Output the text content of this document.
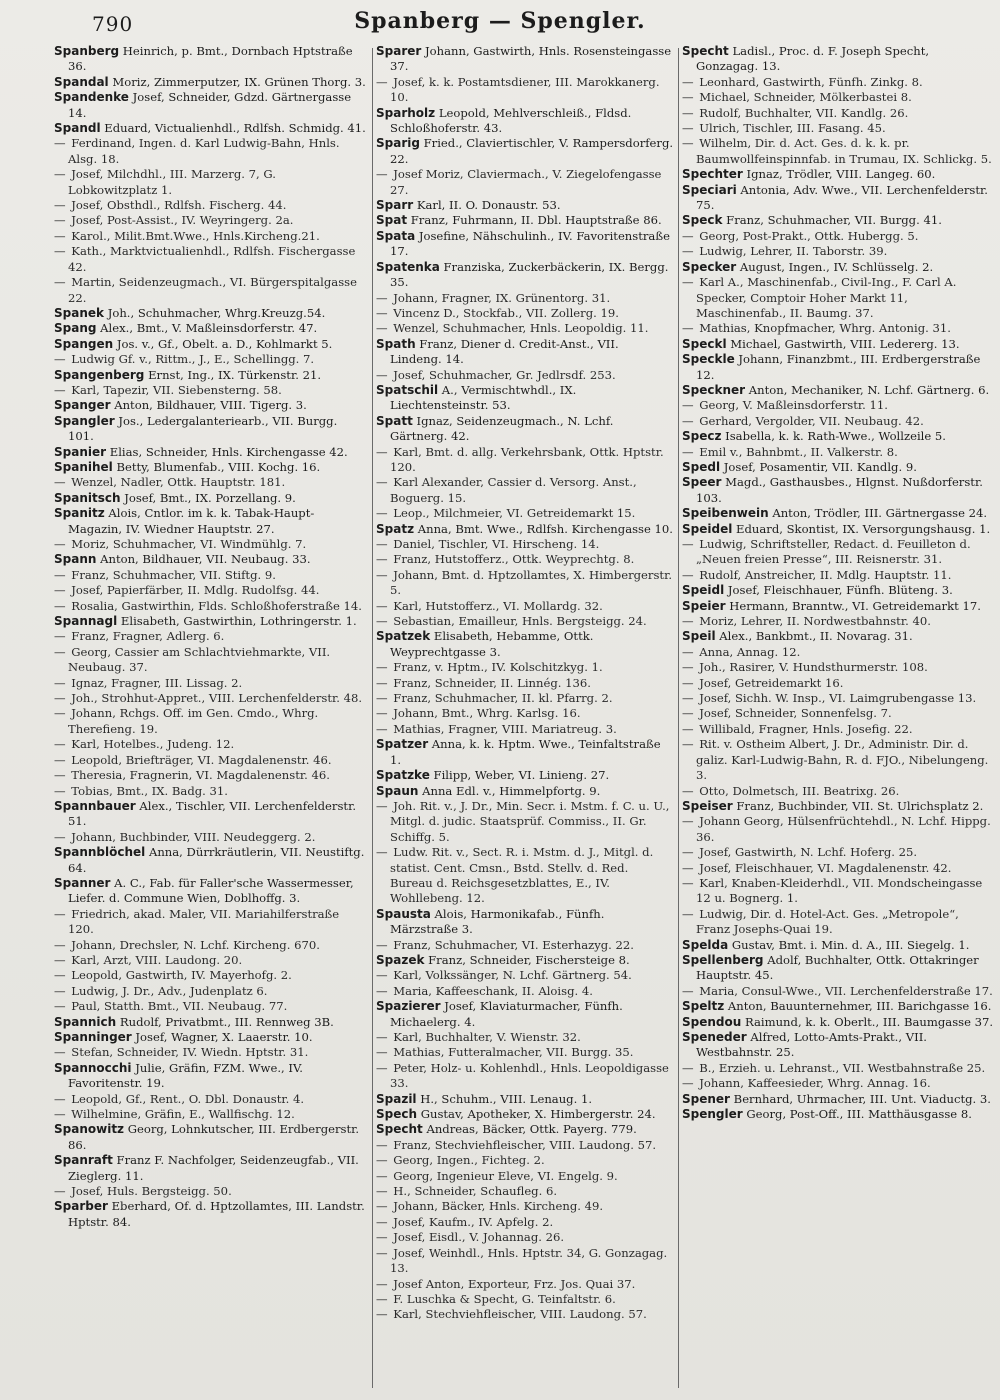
790	Spanberg — Spengler.

Spanberg Heinrich, p. Bmt., Dornbach Hptstraße 36.

Spandal Moriz, Zimmerputzer, IX. Grünen Thorg. 3.

Spandenke Josef, Schneider, Gdzd. Gärtnergasse 14.

Spandl Eduard, Victualienhdl., Rdlfsh. Schmidg. 41.

— Ferdinand, Ingen. d. Karl Ludwig-Bahn, Hnls. Alsg. 18.

— Josef, Milchdhl., III. Marzerg. 7, G. Lobkowitzplatz 1.

— Josef, Obsthdl., Rdlfsh. Fischerg. 44.

— Josef, Post-Assist., IV. Weyringerg. 2a.

— Karol., Milit.Bmt.Wwe., Hnls.Kircheng.21.

— Kath., Marktvictualienhdl., Rdlfsh. Fischergasse 42.

— Martin, Seidenzeugmach., VI. Bürgerspitalgasse 22.

Spanek Joh., Schuhmacher, Whrg.Kreuzg.54.

Spang Alex., Bmt., V. Maßleinsdorferstr. 47.

Spangen Jos. v., Gf., Obelt. a. D., Kohlmarkt 5.

— Ludwig Gf. v., Rittm., J., E., Schellingg. 7.

Spangenberg Ernst, Ing., IX. Türkenstr. 21.

— Karl, Tapezir, VII. Siebensterng. 58.

Spanger Anton, Bildhauer, VIII. Tigerg. 3.

Spangler Jos., Ledergalanteriearb., VII. Burgg. 101.

Spanier Elias, Schneider, Hnls. Kirchengasse 42.

Spanihel Betty, Blumenfab., VIII. Kochg. 16.

— Wenzel, Nadler, Ottk. Hauptstr. 181.

Spanitsch Josef, Bmt., IX. Porzellang. 9.

Spanitz Alois, Cntlor. im k. k. Tabak-Haupt-Magazin, IV. Wiedner Hauptstr. 27.

— Moriz, Schuhmacher, VI. Windmühlg. 7.

Spann Anton, Bildhauer, VII. Neubaug. 33.

— Franz, Schuhmacher, VII. Stiftg. 9.

— Josef, Papierfärber, II. Mdlg. Rudolfsg. 44.

— Rosalia, Gastwirthin, Flds. Schloßhoferstraße 14.

Spannagl Elisabeth, Gastwirthin, Lothringerstr. 1.

— Franz, Fragner, Adlerg. 6.

— Georg, Cassier am Schlachtviehmarkte, VII. Neubaug. 37.

— Ignaz, Fragner, III. Lissag. 2.

— Joh., Strohhut-Appret., VIII. Lerchenfelderstr. 48.

— Johann, Rchgs. Off. im Gen. Cmdo., Whrg. Therefieng. 19.

— Karl, Hotelbes., Judeng. 12.

— Leopold, Briefträger, VI. Magdalenenstr. 46.

— Theresia, Fragnerin, VI. Magdalenenstr. 46.

— Tobias, Bmt., IX. Badg. 31.

Spannbauer Alex., Tischler, VII. Lerchenfelderstr. 51.

— Johann, Buchbinder, VIII. Neudeggerg. 2.

Spannblöchel Anna, Dürrkräutlerin, VII. Neustiftg. 64.

Spanner A. C., Fab. für Faller'sche Wassermesser, Liefer. d. Commune Wien, Doblhoffg. 3.

— Friedrich, akad. Maler, VII. Mariahilferstraße 120.

— Johann, Drechsler, N. Lchf. Kircheng. 670.

— Karl, Arzt, VIII. Laudong. 20.

— Leopold, Gastwirth, IV. Mayerhofg. 2.

— Ludwig, J. Dr., Adv., Judenplatz 6.

— Paul, Statth. Bmt., VII. Neubaug. 77.

Spannich Rudolf, Privatbmt., III. Rennweg 3B.

Spanninger Josef, Wagner, X. Laaerstr. 10.

— Stefan, Schneider, IV. Wiedn. Hptstr. 31.

Spannocchi Julie, Gräfin, FZM. Wwe., IV. Favoritenstr. 19.

— Leopold, Gf., Rent., O. Dbl. Donaustr. 4.

— Wilhelmine, Gräfin, E., Wallfischg. 12.

Spanowitz Georg, Lohnkutscher, III. Erdbergerstr. 86.

Spanraft Franz F. Nachfolger, Seidenzeugfab., VII. Zieglerg. 11.

— Josef, Huls. Bergsteigg. 50.

Sparber Eberhard, Of. d. Hptzollamtes, III. Landstr. Hptstr. 84.

Sparer Johann, Gastwirth, Hnls. Rosensteingasse 37.

— Josef, k. k. Postamtsdiener, III. Marokkanerg. 10.

Sparholz Leopold, Mehlverschleiß., Fldsd. Schloßhoferstr. 43.

Sparig Fried., Claviertischler, V. Rampersdorferg. 22.

— Josef Moriz, Claviermach., V. Ziegelofengasse 27.

Sparr Karl, II. O. Donaustr. 53.

Spat Franz, Fuhrmann, II. Dbl. Hauptstraße 86.

Spata Josefine, Nähschulinh., IV. Favoritenstraße 17.

Spatenka Franziska, Zuckerbäckerin, IX. Bergg. 35.

— Johann, Fragner, IX. Grünentorg. 31.

— Vincenz D., Stockfab., VII. Zollerg. 19.

— Wenzel, Schuhmacher, Hnls. Leopoldig. 11.

Spath Franz, Diener d. Credit-Anst., VII. Lindeng. 14.

— Josef, Schuhmacher, Gr. Jedlrsdf. 253.

Spatschil A., Vermischtwhdl., IX. Liechtensteinstr. 53.

Spatt Ignaz, Seidenzeugmach., N. Lchf. Gärtnerg. 42.

— Karl, Bmt. d. allg. Verkehrsbank, Ottk. Hptstr. 120.

— Karl Alexander, Cassier d. Versorg. Anst., Boguerg. 15.

— Leop., Milchmeier, VI. Getreidemarkt 15.

Spatz Anna, Bmt. Wwe., Rdlfsh. Kirchengasse 10.

— Daniel, Tischler, VI. Hirscheng. 14.

— Franz, Hutstofferz., Ottk. Weyprechtg. 8.

— Johann, Bmt. d. Hptzollamtes, X. Himbergerstr. 5.

— Karl, Hutstofferz., VI. Mollardg. 32.

— Sebastian, Emailleur, Hnls. Bergsteigg. 24.

Spatzek Elisabeth, Hebamme, Ottk. Weyprechtgasse 3.

— Franz, v. Hptm., IV. Kolschitzkyg. 1.

— Franz, Schneider, II. Linnég. 136.

— Franz, Schuhmacher, II. kl. Pfarrg. 2.

— Johann, Bmt., Whrg. Karlsg. 16.

— Mathias, Fragner, VIII. Mariatreug. 3.

Spatzer Anna, k. k. Hptm. Wwe., Teinfaltstraße 1.

Spatzke Filipp, Weber, VI. Linieng. 27.

Spaun Anna Edl. v., Himmelpfortg. 9.

— Joh. Rit. v., J. Dr., Min. Secr. i. Mstm. f. C. u. U., Mitgl. d. judic. Staatsprüf. Commiss., II. Gr. Schiffg. 5.

— Ludw. Rit. v., Sect. R. i. Mstm. d. J., Mitgl. d. statist. Cent. Cmsn., Bstd. Stellv. d. Red. Bureau d. Reichsgesetzblattes, E., IV. Wohllebeng. 12.

Spausta Alois, Harmonikafab., Fünfh. Märzstraße 3.

— Franz, Schuhmacher, VI. Esterhazyg. 22.

Spazek Franz, Schneider, Fischersteige 8.

— Karl, Volkssänger, N. Lchf. Gärtnerg. 54.

— Maria, Kaffeeschank, II. Aloisg. 4.

Spazierer Josef, Klaviaturmacher, Fünfh. Michaelerg. 4.

— Karl, Buchhalter, V. Wienstr. 32.

— Mathias, Futteralmacher, VII. Burgg. 35.

— Peter, Holz- u. Kohlenhdl., Hnls. Leopoldigasse 33.

Spazil H., Schuhm., VIII. Lenaug. 1.

Spech Gustav, Apotheker, X. Himbergerstr. 24.

Specht Andreas, Bäcker, Ottk. Payerg. 779.

— Franz, Stechviehfleischer, VIII. Laudong. 57.

— Georg, Ingen., Fichteg. 2.

— Georg, Ingenieur Eleve, VI. Engelg. 9.

— H., Schneider, Schaufleg. 6.

— Johann, Bäcker, Hnls. Kircheng. 49.

— Josef, Kaufm., IV. Apfelg. 2.

— Josef, Eisdl., V. Johannag. 26.

— Josef, Weinhdl., Hnls. Hptstr. 34, G. Gonzagag. 13.

— Josef Anton, Exporteur, Frz. Jos. Quai 37.

— F. Luschka & Specht, G. Teinfaltstr. 6.

— Karl, Stechviehfleischer, VIII. Laudong. 57.

Specht Ladisl., Proc. d. F. Joseph Specht, Gonzagag. 13.

— Leonhard, Gastwirth, Fünfh. Zinkg. 8.

— Michael, Schneider, Mölkerbastei 8.

— Rudolf, Buchhalter, VII. Kandlg. 26.

— Ulrich, Tischler, III. Fasang. 45.

— Wilhelm, Dir. d. Act. Ges. d. k. k. pr. Baumwollfeinspinnfab. in Trumau, IX. Schlickg. 5.

Spechter Ignaz, Trödler, VIII. Langeg. 60.

Speciari Antonia, Adv. Wwe., VII. Lerchenfelderstr. 75.

Speck Franz, Schuhmacher, VII. Burgg. 41.

— Georg, Post-Prakt., Ottk. Hubergg. 5.

— Ludwig, Lehrer, II. Taborstr. 39.

Specker August, Ingen., IV. Schlüsselg. 2.

— Karl A., Maschinenfab., Civil-Ing., F. Carl A. Specker, Comptoir Hoher Markt 11, Maschinenfab., II. Baumg. 37.

— Mathias, Knopfmacher, Whrg. Antonig. 31.

Speckl Michael, Gastwirth, VIII. Ledererg. 13.

Speckle Johann, Finanzbmt., III. Erdbergerstraße 12.

Speckner Anton, Mechaniker, N. Lchf. Gärtnerg. 6.

— Georg, V. Maßleinsdorferstr. 11.

— Gerhard, Vergolder, VII. Neubaug. 42.

Specz Isabella, k. k. Rath-Wwe., Wollzeile 5.

— Emil v., Bahnbmt., II. Valkerstr. 8.

Spedl Josef, Posamentir, VII. Kandlg. 9.

Speer Magd., Gasthausbes., Hlgnst. Nußdorferstr. 103.

Speibenwein Anton, Trödler, III. Gärtnergasse 24.

Speidel Eduard, Skontist, IX. Versorgungshausg. 1.

— Ludwig, Schriftsteller, Redact. d. Feuilleton d. „Neuen freien Presse“, III. Reisnerstr. 31.

— Rudolf, Anstreicher, II. Mdlg. Hauptstr. 11.

Speidl Josef, Fleischhauer, Fünfh. Blüteng. 3.

Speier Hermann, Branntw., VI. Getreidemarkt 17.

— Moriz, Lehrer, II. Nordwestbahnstr. 40.

Speil Alex., Bankbmt., II. Novarag. 31.

— Anna, Annag. 12.

— Joh., Rasirer, V. Hundsthurmerstr. 108.

— Josef, Getreidemarkt 16.

— Josef, Sichh. W. Insp., VI. Laimgrubengasse 13.

— Josef, Schneider, Sonnenfelsg. 7.

— Willibald, Fragner, Hnls. Josefig. 22.

— Rit. v. Ostheim Albert, J. Dr., Administr. Dir. d. galiz. Karl-Ludwig-Bahn, R. d. FJO., Nibelungeng. 3.

— Otto, Dolmetsch, III. Beatrixg. 26.

Speiser Franz, Buchbinder, VII. St. Ulrichsplatz 2.

— Johann Georg, Hülsenfrüchtehdl., N. Lchf. Hippg. 36.

— Josef, Gastwirth, N. Lchf. Hoferg. 25.

— Josef, Fleischhauer, VI. Magdalenenstr. 42.

— Karl, Knaben-Kleiderhdl., VII. Mondscheingasse 12 u. Bognerg. 1.

— Ludwig, Dir. d. Hotel-Act. Ges. „Metropole“, Franz Josephs-Quai 19.

Spelda Gustav, Bmt. i. Min. d. A., III. Siegelg. 1.

Spellenberg Adolf, Buchhalter, Ottk. Ottakringer Hauptstr. 45.

— Maria, Consul-Wwe., VII. Lerchenfelderstraße 17.

Speltz Anton, Bauunternehmer, III. Barichgasse 16.

Spendou Raimund, k. k. Oberlt., III. Baumgasse 37.

Speneder Alfred, Lotto-Amts-Prakt., VII. Westbahnstr. 25.

— B., Erzieh. u. Lehranst., VII. Westbahnstraße 25.

— Johann, Kaffeesieder, Whrg. Annag. 16.

Spener Bernhard, Uhrmacher, III. Unt. Viaductg. 3.

Spengler Georg, Post-Off., III. Matthäusgasse 8.
